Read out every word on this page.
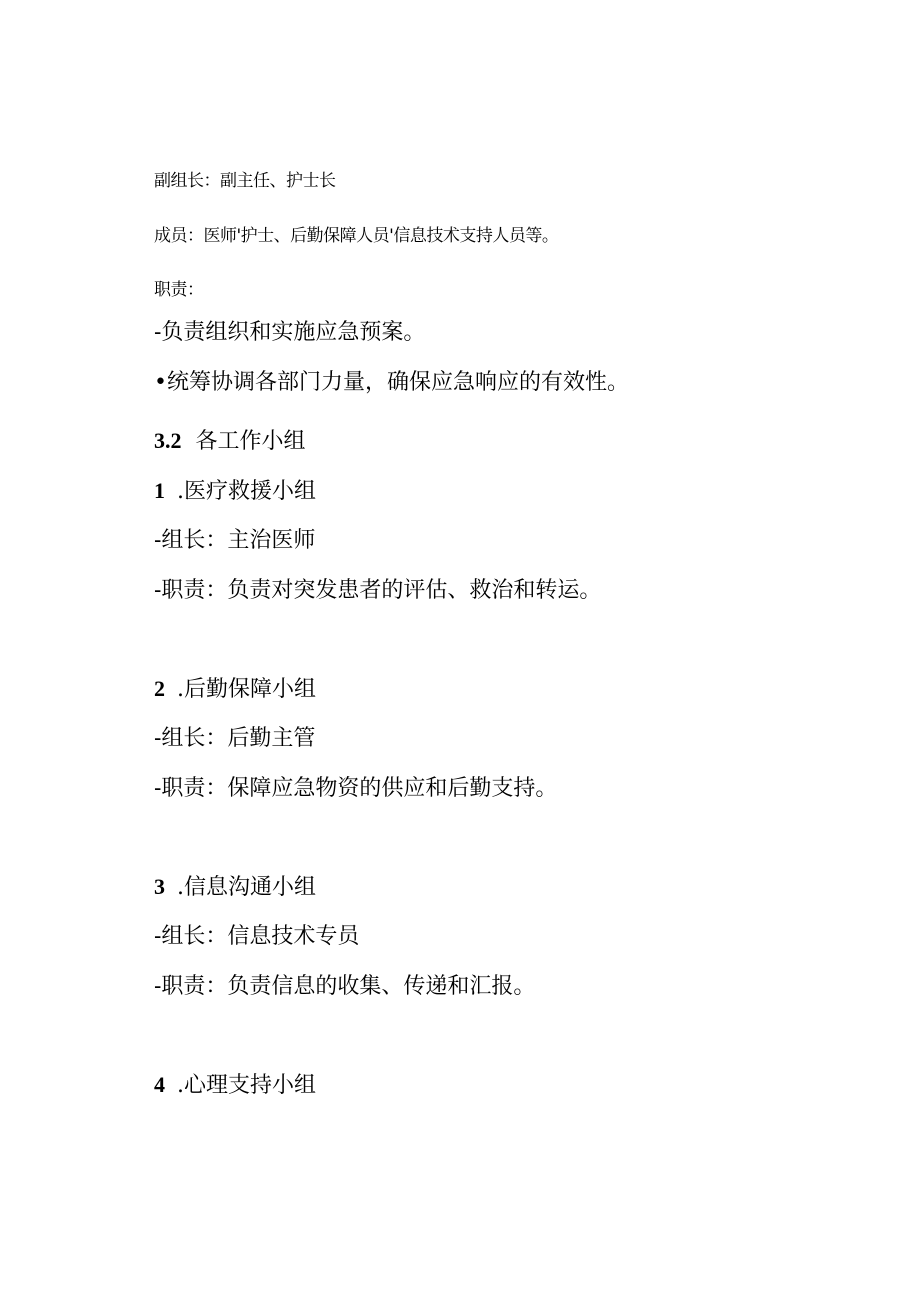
副组长：副主任、护士长
成员：医师'护士、后勤保障人员'信息技术支持人员等。
职责：
-负责组织和实施应急预案。
•统筹协调各部门力量，确保应急响应的有效性。
3.2 各工作小组
1 .医疗救援小组
-组长：主治医师
-职责：负责对突发患者的评估、救治和转运。
2 .后勤保障小组
-组长：后勤主管
-职责：保障应急物资的供应和后勤支持。
3 .信息沟通小组
-组长：信息技术专员
-职责：负责信息的收集、传递和汇报。
4 .心理支持小组
